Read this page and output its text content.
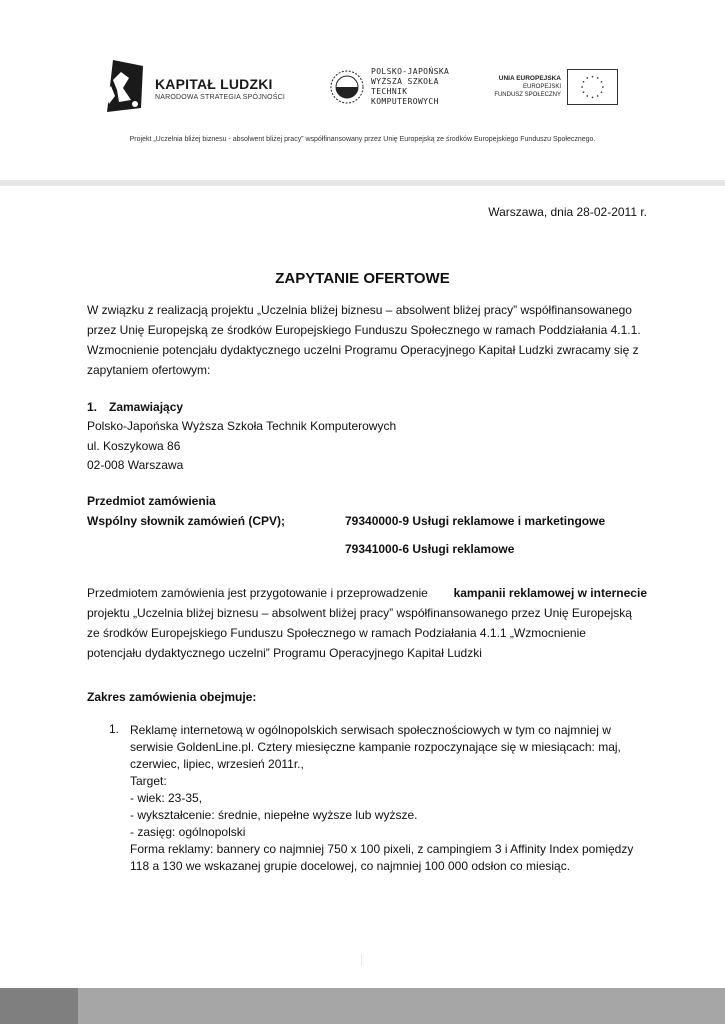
KAPITAŁ LUDZKI
NARODOWA STRATEGIA SPÓJNOŚCI
POLSKO-JAPOŃSKA
WYŻSZA SZKOŁA
TECHNIK
KOMPUTEROWYCH
UNIA EUROPEJSKA
EUROPEJSKI
FUNDUSZ SPOŁECZNY
Projekt „Uczelnia bliżej biznesu - absolwent bliżej pracy” współfinansowany przez Unię Europejską ze środków Europejskiego Funduszu Społecznego.
Warszawa, dnia 28-02-2011 r.
ZAPYTANIE OFERTOWE
W związku z realizacją projektu „Uczelnia bliżej biznesu – absolwent bliżej pracy” współfinansowanego
przez Unię Europejską ze środków Europejskiego Funduszu Społecznego w ramach Poddziałania 4.1.1.
Wzmocnienie potencjału dydaktycznego uczelni Programu Operacyjnego Kapitał Ludzki zwracamy się z
zapytaniem ofertowym:
1. Zamawiający
Polsko-Japońska Wyższa Szkoła Technik Komputerowych
ul. Koszykowa 86
02-008 Warszawa
Przedmiot zamówienia
Wspólny słownik zamówień (CPV);	79340000-9 Usługi reklamowe i marketingowe
79341000-6 Usługi reklamowe
Przedmiotem zamówienia jest przygotowanie i przeprowadzenie kampanii reklamowej w internecie
projektu „Uczelnia bliżej biznesu – absolwent bliżej pracy” współfinansowanego przez Unię Europejską
ze środków Europejskiego Funduszu Społecznego w ramach Podziałania 4.1.1 „Wzmocnienie
potencjału dydaktycznego uczelni” Programu Operacyjnego Kapitał Ludzki
Zakres zamówienia obejmuje:
1. Reklamę internetową w ogólnopolskich serwisach społecznościowych w tym co najmniej w
serwisie GoldenLine.pl. Cztery miesięczne kampanie rozpoczynające się w miesiącach: maj,
czerwiec, lipiec, wrzesień 2011r.,
Target:
- wiek: 23-35,
- wykształcenie: średnie, niepełne wyższe lub wyższe.
- zasięg: ogólnopolski
Forma reklamy: bannery co najmniej 750 x 100 pixeli, z campingiem 3 i Affinity Index pomiędzy
118 a 130 we wskazanej grupie docelowej, co najmniej 100 000 odsłon co miesiąc.
